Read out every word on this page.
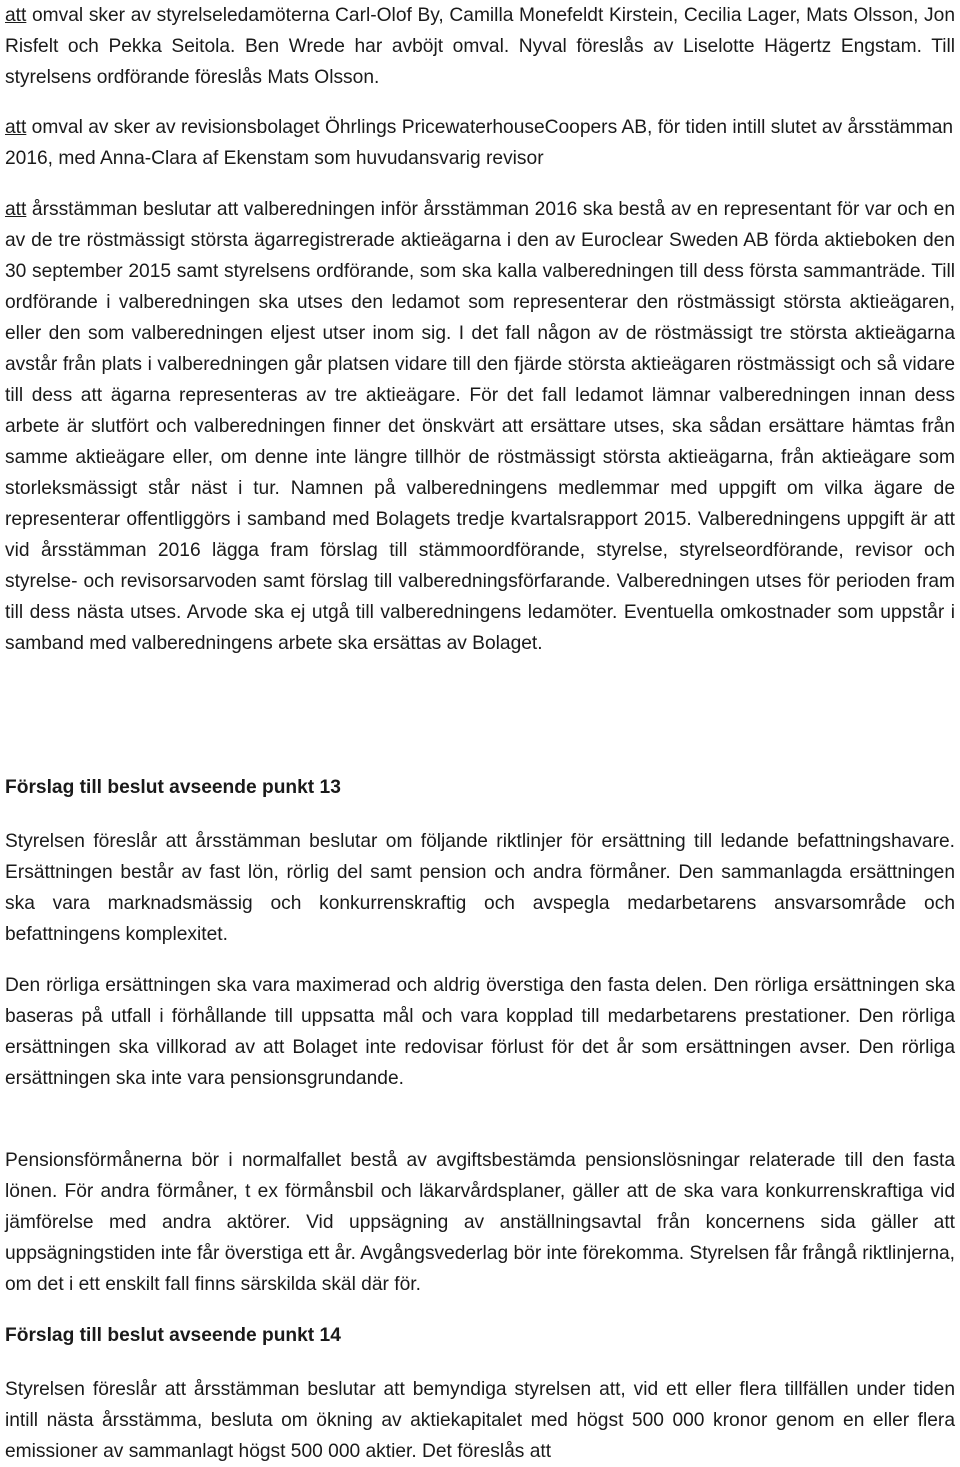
att omval sker av styrelseledamöterna Carl-Olof By, Camilla Monefeldt Kirstein, Cecilia Lager, Mats Olsson, Jon Risfelt och Pekka Seitola. Ben Wrede har avböjt omval. Nyval föreslås av Liselotte Hägertz Engstam. Till styrelsens ordförande föreslås Mats Olsson.

att omval av sker av revisionsbolaget Öhrlings PricewaterhouseCoopers AB, för tiden intill slutet av årsstämman 2016, med Anna-Clara af Ekenstam som huvudansvarig revisor

att årsstämman beslutar att valberedningen inför årsstämman 2016 ska bestå av en representant för var och en av de tre röstmässigt största ägarregistrerade aktieägarna i den av Euroclear Sweden AB förda aktieboken den 30 september 2015 samt styrelsens ordförande, som ska kalla valberedningen till dess första sammanträde. Till ordförande i valberedningen ska utses den ledamot som representerar den röstmässigt största aktieägaren, eller den som valberedningen eljest utser inom sig. I det fall någon av de röstmässigt tre största aktieägarna avstår från plats i valberedningen går platsen vidare till den fjärde största aktieägaren röstmässigt och så vidare till dess att ägarna representeras av tre aktieägare. För det fall ledamot lämnar valberedningen innan dess arbete är slutfört och valberedningen finner det önskvärt att ersättare utses, ska sådan ersättare hämtas från samme aktieägare eller, om denne inte längre tillhör de röstmässigt största aktieägarna, från aktieägare som storleksmässigt står näst i tur. Namnen på valberedningens medlemmar med uppgift om vilka ägare de representerar offentliggörs i samband med Bolagets tredje kvartalsrapport 2015. Valberedningens uppgift är att vid årsstämman 2016 lägga fram förslag till stämmoordförande, styrelse, styrelseordförande, revisor och styrelse- och revisorsarvoden samt förslag till valberedningsförfarande. Valberedningen utses för perioden fram till dess nästa utses. Arvode ska ej utgå till valberedningens ledamöter. Eventuella omkostnader som uppstår i samband med valberedningens arbete ska ersättas av Bolaget.

Förslag till beslut avseende punkt 13

Styrelsen föreslår att årsstämman beslutar om följande riktlinjer för ersättning till ledande befattningshavare. Ersättningen består av fast lön, rörlig del samt pension och andra förmåner. Den sammanlagda ersättningen ska vara marknadsmässig och konkurrenskraftig och avspegla medarbetarens ansvarsområde och befattningens komplexitet.

Den rörliga ersättningen ska vara maximerad och aldrig överstiga den fasta delen. Den rörliga ersättningen ska baseras på utfall i förhållande till uppsatta mål och vara kopplad till medarbetarens prestationer. Den rörliga ersättningen ska villkorad av att Bolaget inte redovisar förlust för det år som ersättningen avser. Den rörliga ersättningen ska inte vara pensionsgrundande.

Pensionsförmånerna bör i normalfallet bestå av avgiftsbestämda pensionslösningar relaterade till den fasta lönen. För andra förmåner, t ex förmånsbil och läkarvårdsplaner, gäller att de ska vara konkurrenskraftiga vid jämförelse med andra aktörer. Vid uppsägning av anställningsavtal från koncernens sida gäller att uppsägningstiden inte får överstiga ett år. Avgångsvederlag bör inte förekomma. Styrelsen får frångå riktlinjerna, om det i ett enskilt fall finns särskilda skäl där för.

Förslag till beslut avseende punkt 14

Styrelsen föreslår att årsstämman beslutar att bemyndiga styrelsen att, vid ett eller flera tillfällen under tiden intill nästa årsstämma, besluta om ökning av aktiekapitalet med högst 500 000 kronor genom en eller flera emissioner av sammanlagt högst 500 000 aktier. Det föreslås att
